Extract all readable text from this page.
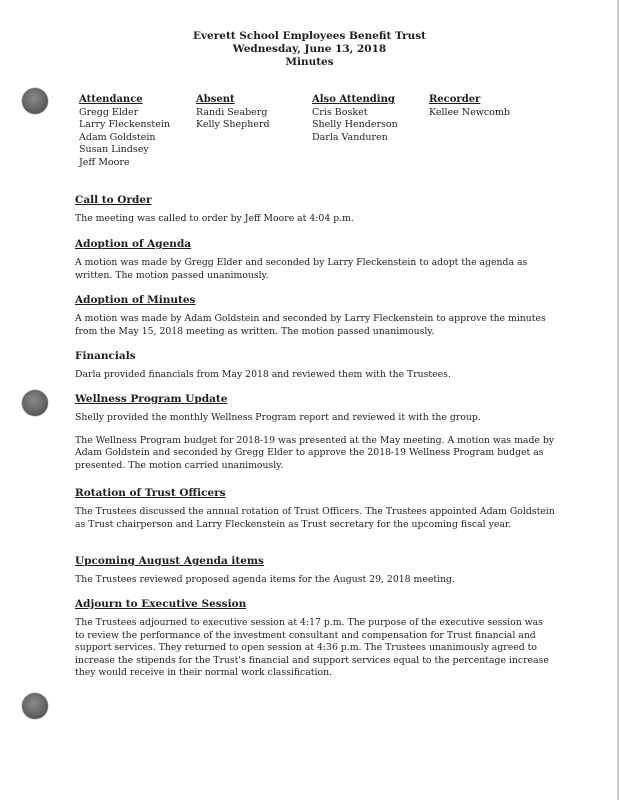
Everett School Employees Benefit Trust
Wednesday, June 13, 2018
Minutes
Attendance
Gregg Elder
Larry Fleckenstein
Adam Goldstein
Susan Lindsey
Jeff Moore
Absent
Randi Seaberg
Kelly Shepherd
Also Attending
Cris Bosket
Shelly Henderson
Darla Vanduren
Recorder
Kellee Newcomb
Call to Order
The meeting was called to order by Jeff Moore at 4:04 p.m.
Adoption of Agenda
A motion was made by Gregg Elder and seconded by Larry Fleckenstein to adopt the agenda as written. The motion passed unanimously.
Adoption of Minutes
A motion was made by Adam Goldstein and seconded by Larry Fleckenstein to approve the minutes from the May 15, 2018 meeting as written. The motion passed unanimously.
Financials
Darla provided financials from May 2018 and reviewed them with the Trustees.
Wellness Program Update
Shelly provided the monthly Wellness Program report and reviewed it with the group.
The Wellness Program budget for 2018-19 was presented at the May meeting. A motion was made by Adam Goldstein and seconded by Gregg Elder to approve the 2018-19 Wellness Program budget as presented. The motion carried unanimously.
Rotation of Trust Officers
The Trustees discussed the annual rotation of Trust Officers. The Trustees appointed Adam Goldstein as Trust chairperson and Larry Fleckenstein as Trust secretary for the upcoming fiscal year.
Upcoming August Agenda items
The Trustees reviewed proposed agenda items for the August 29, 2018 meeting.
Adjourn to Executive Session
The Trustees adjourned to executive session at 4:17 p.m. The purpose of the executive session was to review the performance of the investment consultant and compensation for Trust financial and support services. They returned to open session at 4:36 p.m. The Trustees unanimously agreed to increase the stipends for the Trust's financial and support services equal to the percentage increase they would receive in their normal work classification.
